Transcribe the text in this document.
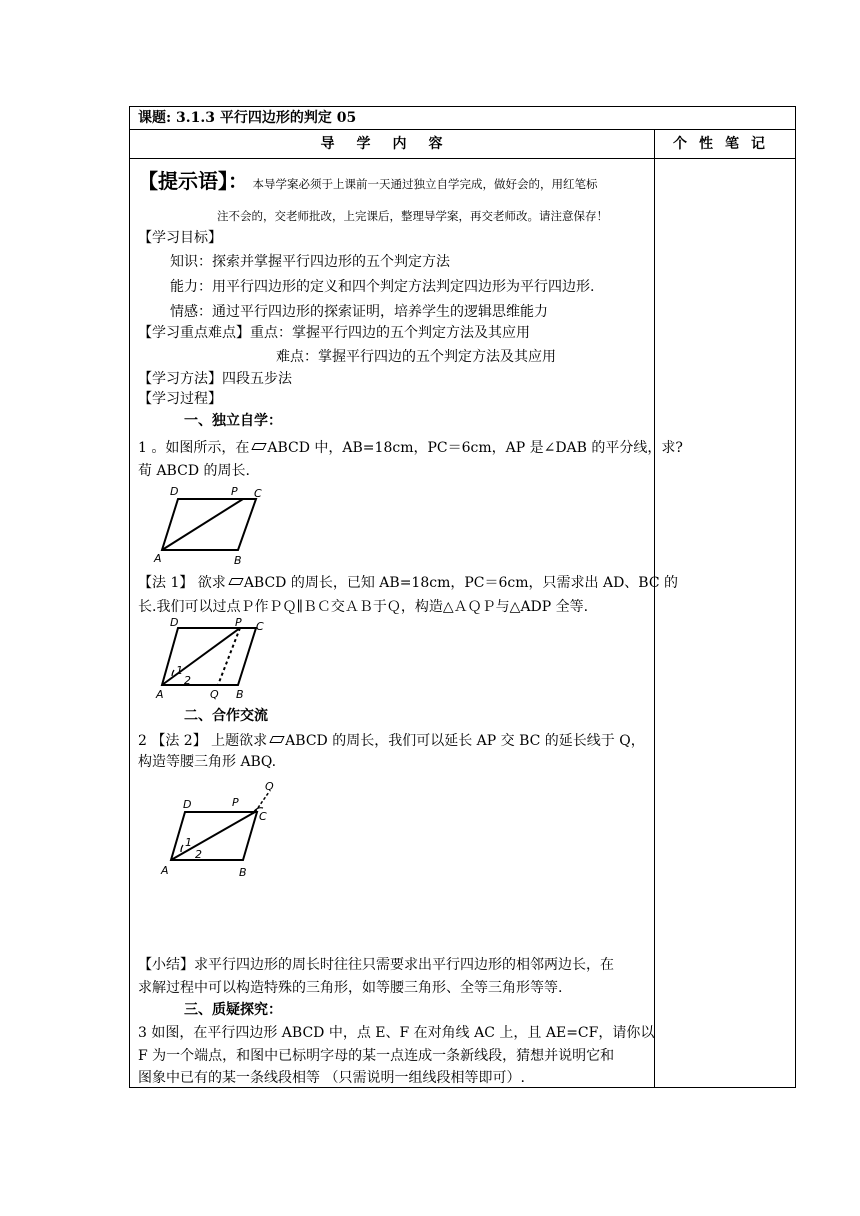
课题: 3.1.3 平行四边形的判定 05
导学内容	个性笔记
【提示语】： 本导学案必须于上课前一天通过独立自学完成，做好会的，用红笔标
注不会的，交老师批改，上完课后，整理导学案，再交老师改。请注意保存！
【学习目标】
知识：探索并掌握平行四边形的五个判定方法
能力：用平行四边形的定义和四个判定方法判定四边形为平行四边形.
情感：通过平行四边形的探索证明，培养学生的逻辑思维能力
【学习重点难点】重点：掌握平行四边的五个判定方法及其应用
难点：掌握平行四边的五个判定方法及其应用
【学习方法】四段五步法
【学习过程】
一、独立自学：
1 。如图所示，在 ABCD 中，AB=18cm，PC＝6cm，AP 是∠DAB 的平分线，求?
荀 ABCD 的周长.
D	P C
A	B
【法 1】 欲求 ABCD 的周长，已知 AB=18cm，PC＝6cm，只需求出 AD、BC 的
长.我们可以过点Ｐ作ＰＱ∥ＢＣ交ＡＢ于Ｑ，构造△ＡＱＰ与△ADP 全等.
D	P C
A	Q B
1
2
二、合作交流
2 【法 2】 上题欲求 ABCD 的周长，我们可以延长 AP 交 BC 的延长线于 Q，
构造等腰三角形 ABQ.
D	P
C
Q
A	B
1
2
【小结】求平行四边形的周长时往往只需要求出平行四边形的相邻两边长，在
求解过程中可以构造特殊的三角形，如等腰三角形、全等三角形等等.
三、质疑探究：
3 如图，在平行四边形 ABCD 中，点 E、F 在对角线 AC 上，且 AE=CF，请你以
F 为一个端点，和图中已标明字母的某一点连成一条新线段，猜想并说明它和
图象中已有的某一条线段相等 （只需说明一组线段相等即可）.
